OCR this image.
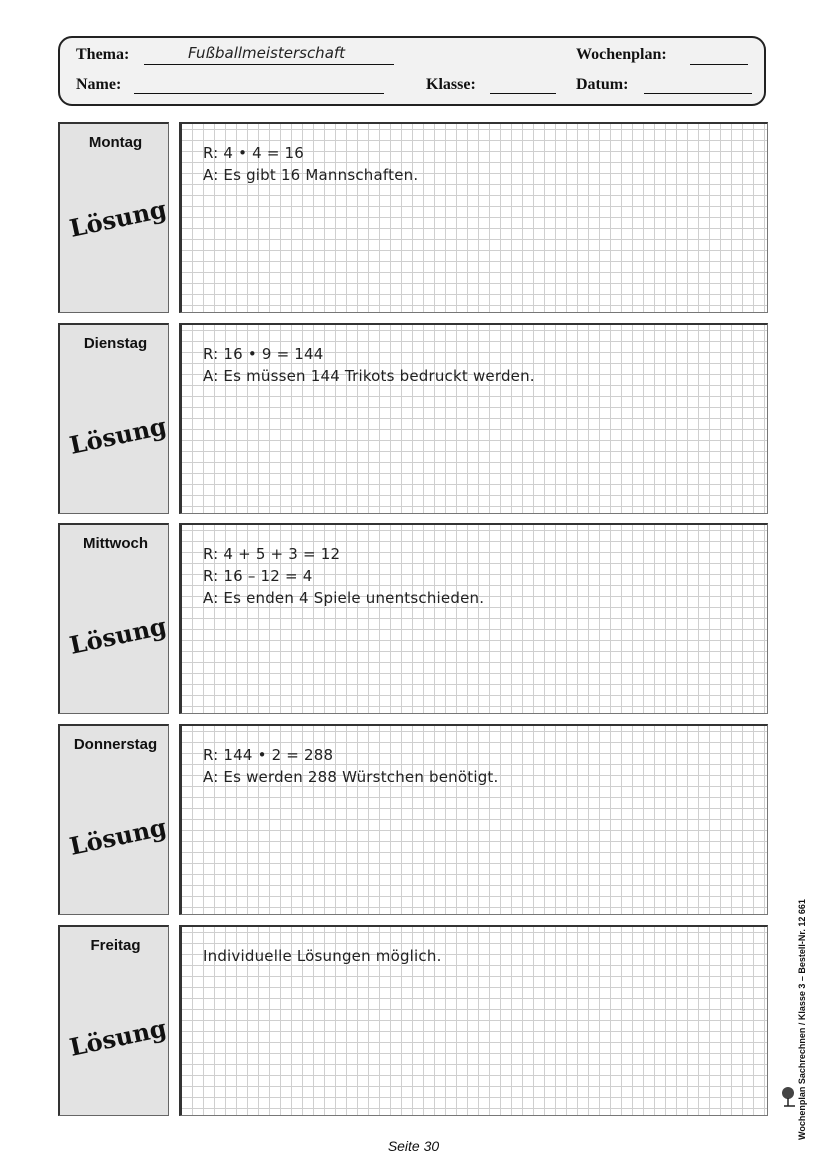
Thema:	Fußballmeisterschaft	Wochenplan:
Name:	Klasse:	Datum:
Montag
Lösung
R: 4 • 4 = 16
A: Es gibt 16 Mannschaften.
Dienstag
Lösung
R: 16 • 9 = 144
A: Es müssen 144 Trikots bedruckt werden.
Mittwoch
Lösung
R: 4 + 5 + 3 = 12
R: 16 – 12 = 4
A: Es enden 4 Spiele unentschieden.
Donnerstag
Lösung
R: 144 • 2 = 288
A: Es werden 288 Würstchen benötigt.
Freitag
Lösung
Individuelle Lösungen möglich.	Wochenplan Sachrechnen / Klasse 3 – Bestell-Nr. 12 661
Seite 30
